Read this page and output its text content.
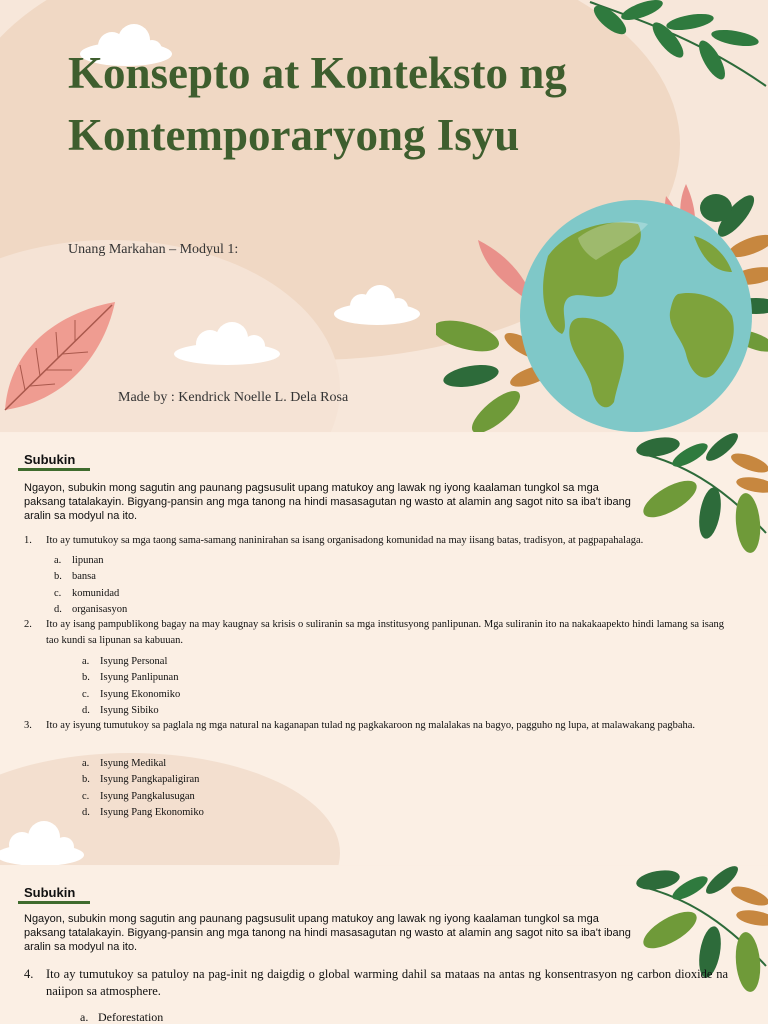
Konsepto at Konteksto ng Kontemporaryong Isyu
Unang Markahan – Modyul 1:
Made by : Kendrick Noelle L. Dela Rosa
Subukin

Ngayon, subukin mong sagutin ang paunang pagsusulit upang matukoy ang lawak ng iyong kaalaman tungkol sa mga paksang tatalakayin. Bigyang-pansin ang mga tanong na hindi masasagutan ng wasto at alamin ang sagot nito sa iba't ibang aralin sa modyul na ito.

1. Ito ay tumutukoy sa mga taong sama-samang naninirahan sa isang organisadong komunidad na may iisang batas, tradisyon, at pagpapahalaga.
a. lipunan
b. bansa
c. komunidad
d. organisasyon
2. Ito ay isang pampublikong bagay na may kaugnay sa krisis o suliranin sa mga institusyong panlipunan. Mga suliranin ito na nakakaapekto hindi lamang sa isang tao kundi sa lipunan sa kabuuan.
a. Isyung Personal
b. Isyung Panlipunan
c. Isyung Ekonomiko
d. Isyung Sibiko
3. Ito ay isyung tumutukoy sa paglala ng mga natural na kaganapan tulad ng pagkakaroon ng malalakas na bagyo, pagguho ng lupa, at malawakang pagbaha.
a. Isyung Medikal
b. Isyung Pangkapaligiran
c. Isyung Pangkalusugan
d. Isyung Pang Ekonomiko
Subukin

Ngayon, subukin mong sagutin ang paunang pagsusulit upang matukoy ang lawak ng iyong kaalaman tungkol sa mga paksang tatalakayin. Bigyang-pansin ang mga tanong na hindi masasagutan ng wasto at alamin ang sagot nito sa iba't ibang aralin sa modyul na ito.

4. Ito ay tumutukoy sa patuloy na pag-init ng daigdig o global warming dahil sa mataas na antas ng konsentrasyon ng carbon dioxide na naiipon sa atmosphere.
a. Deforestation
